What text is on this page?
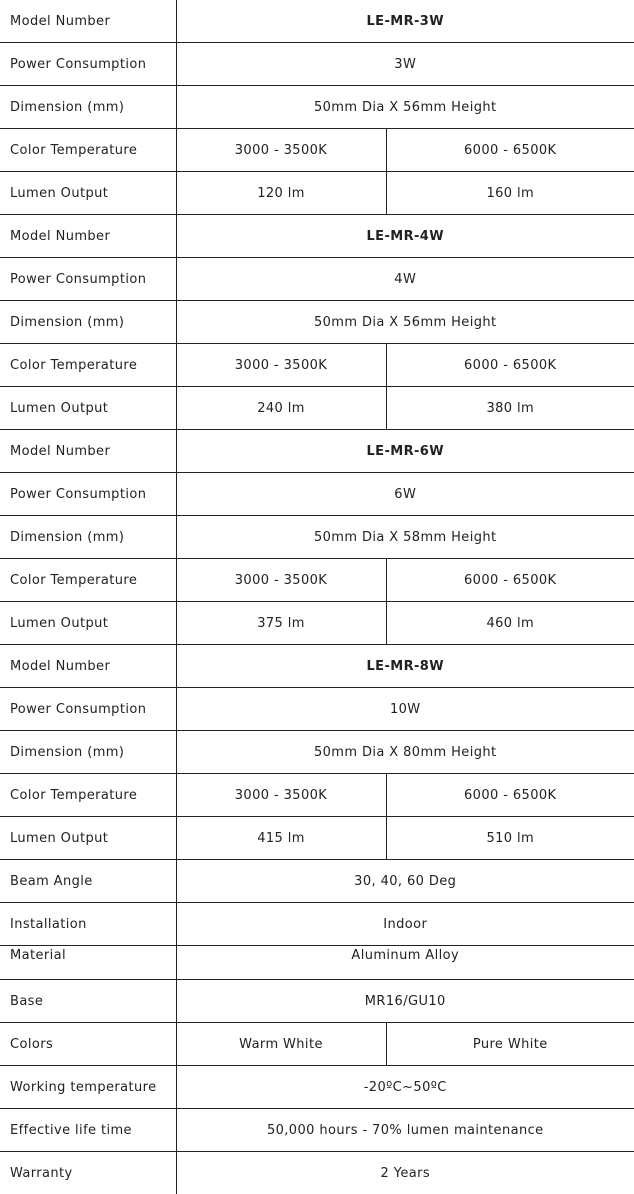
Model Number	LE-MR-3W	
Power Consumption	3W	
Dimension (mm)	50mm Dia X 56mm Height	
Color Temperature	3000 - 3500K	6000 - 6500K
Lumen Output	120 lm	160 lm
Model Number	LE-MR-4W	
Power Consumption	4W	
Dimension (mm)	50mm Dia X 56mm Height	
Color Temperature	3000 - 3500K	6000 - 6500K
Lumen Output	240 lm	380 lm
Model Number	LE-MR-6W	
Power Consumption	6W	
Dimension (mm)	50mm Dia X 58mm Height	
Color Temperature	3000 - 3500K	6000 - 6500K
Lumen Output	375 lm	460 lm
Model Number	LE-MR-8W	
Power Consumption	10W	
Dimension (mm)	50mm Dia X 80mm Height	
Color Temperature	3000 - 3500K	6000 - 6500K
Lumen Output	415 lm	510 lm
Beam Angle	30, 40, 60 Deg	
Installation	Indoor	
Material	Aluminum Alloy	
Base	MR16/GU10	
Colors	Warm White	Pure White
Working temperature	-20ºC~50ºC	
Effective life time	50,000 hours - 70% lumen maintenance	
Warranty	2 Years	
